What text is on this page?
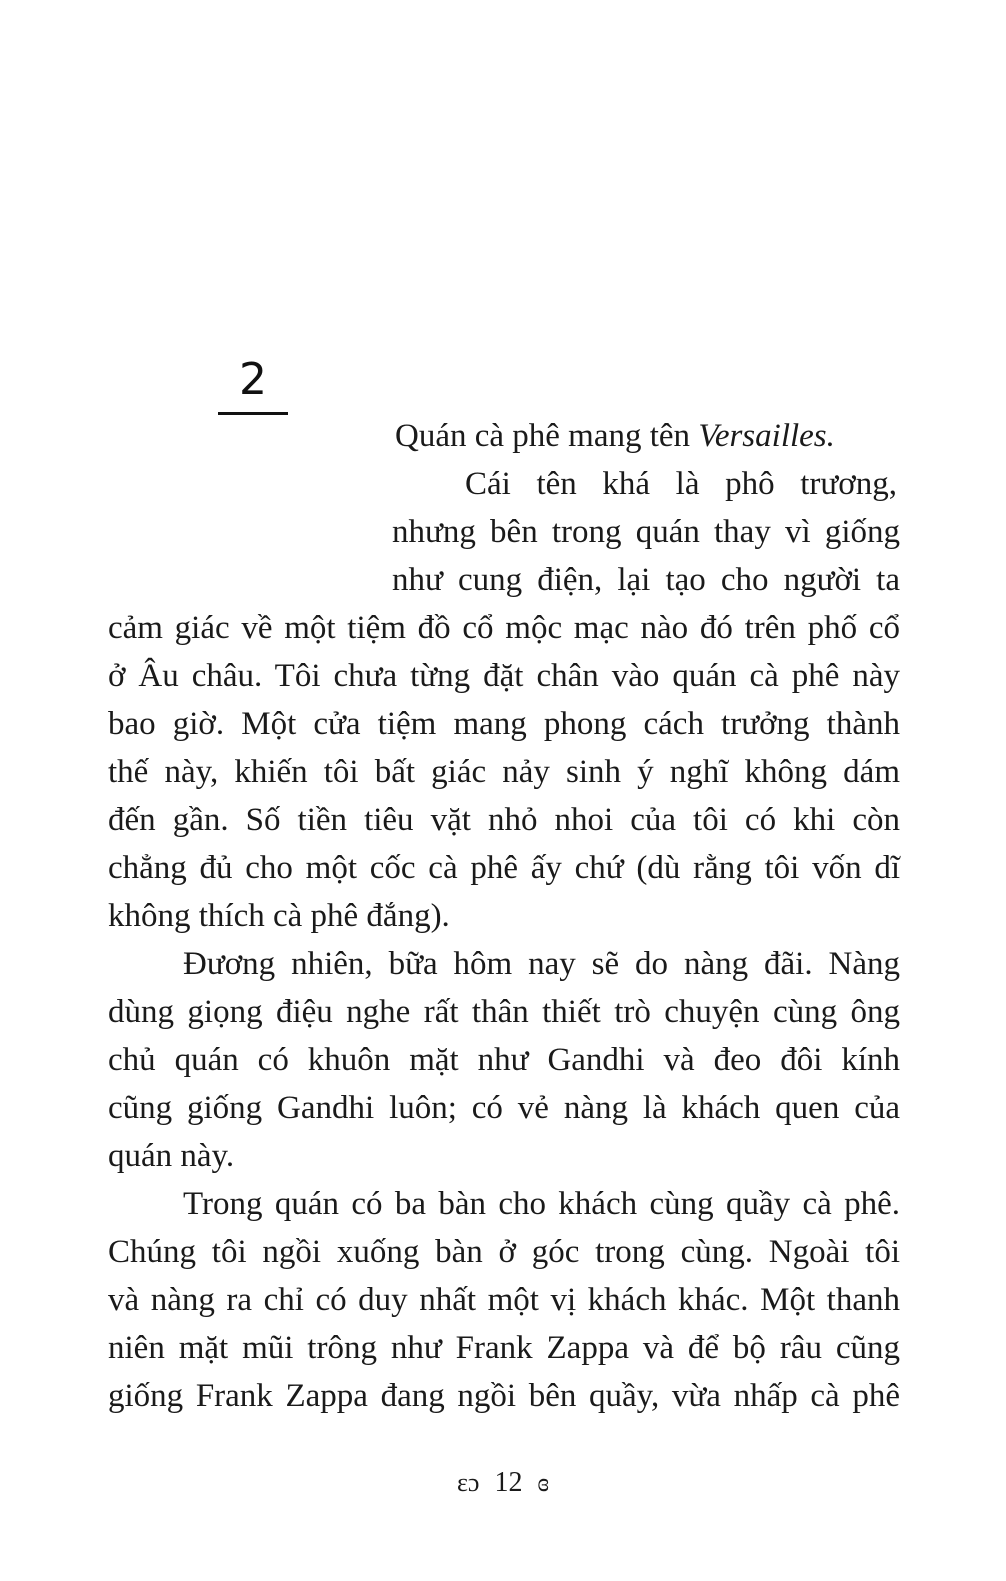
2
Quán cà phê mang tên Versailles.
Cái tên khá là phô trương,
nhưng bên trong quán thay vì giống
như cung điện, lại tạo cho người ta
cảm giác về một tiệm đồ cổ mộc mạc nào đó trên phố cổ
ở Âu châu. Tôi chưa từng đặt chân vào quán cà phê này
bao giờ. Một cửa tiệm mang phong cách trưởng thành
thế này, khiến tôi bất giác nảy sinh ý nghĩ không dám
đến gần. Số tiền tiêu vặt nhỏ nhoi của tôi có khi còn
chẳng đủ cho một cốc cà phê ấy chứ (dù rằng tôi vốn dĩ
không thích cà phê đắng).
Đương nhiên, bữa hôm nay sẽ do nàng đãi. Nàng
dùng giọng điệu nghe rất thân thiết trò chuyện cùng ông
chủ quán có khuôn mặt như Gandhi và đeo đôi kính
cũng giống Gandhi luôn; có vẻ nàng là khách quen của
quán này.
Trong quán có ba bàn cho khách cùng quầy cà phê.
Chúng tôi ngồi xuống bàn ở góc trong cùng. Ngoài tôi
và nàng ra chỉ có duy nhất một vị khách khác. Một thanh
niên mặt mũi trông như Frank Zappa và để bộ râu cũng
giống Frank Zappa đang ngồi bên quầy, vừa nhấp cà phê
ɛɔ 12 ɞ
